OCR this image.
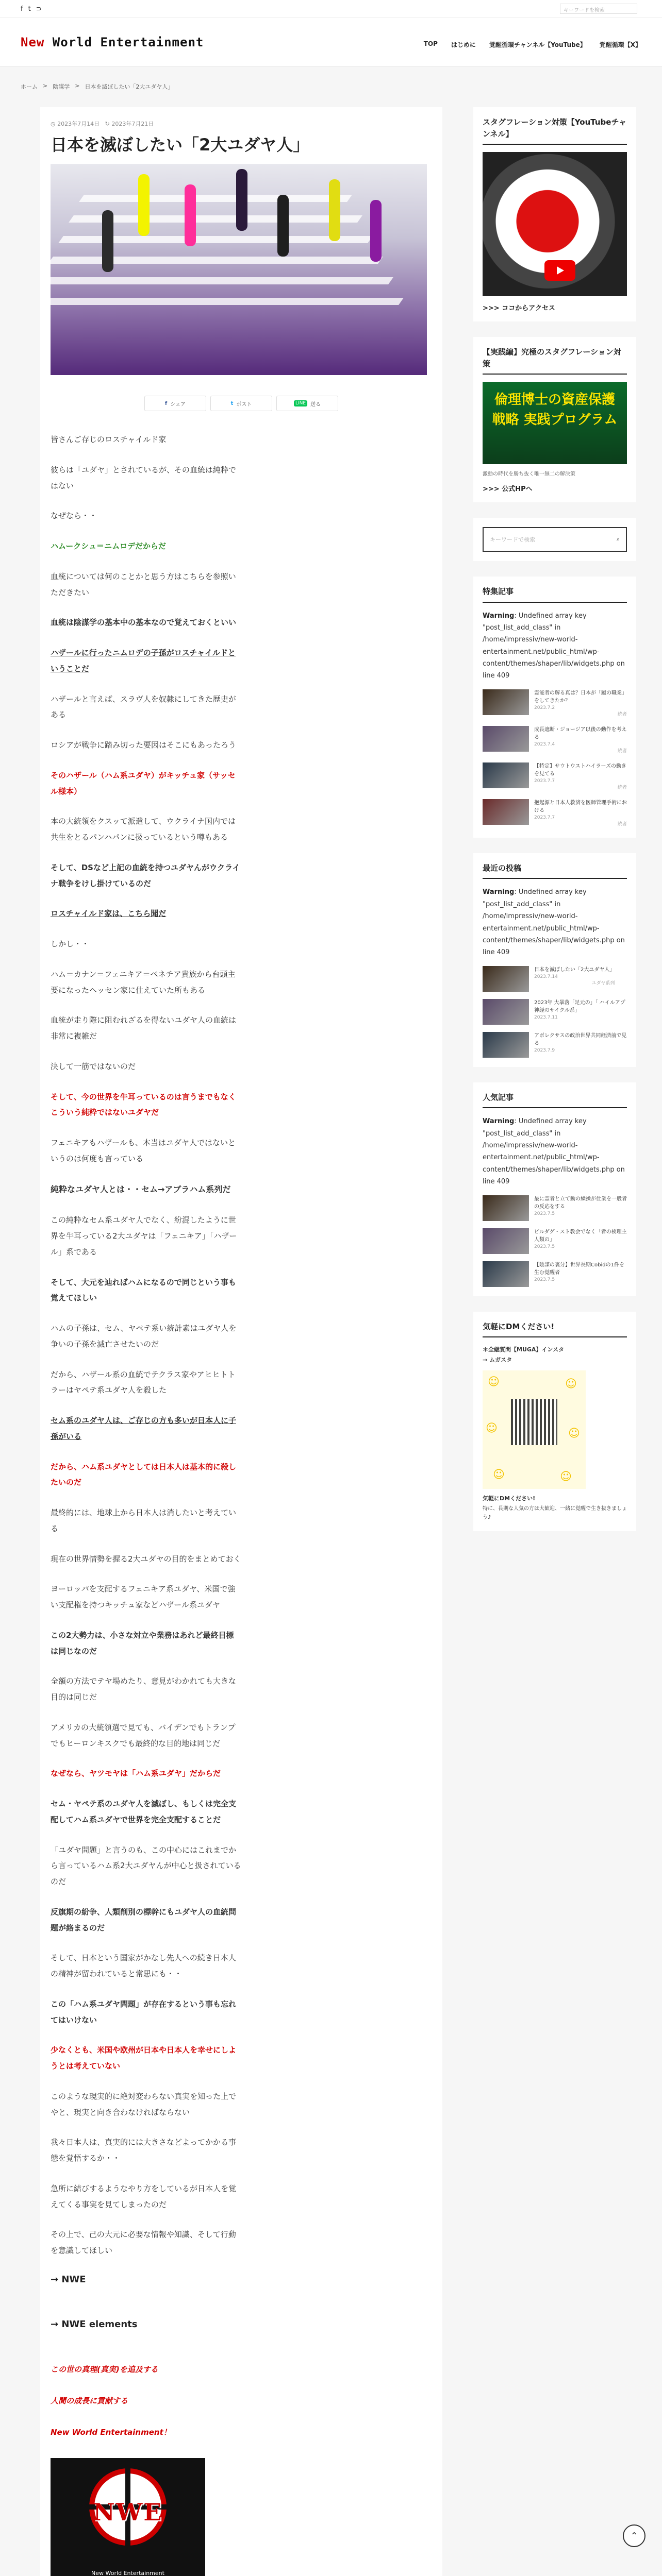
f t ⊃	キーワードを検索
New World Entertainment	TOP はじめに 覚醒循環チャンネル【YouTube】 覚醒循環【X】
ホーム > 陰謀学 > 日本を滅ぼしたい「2大ユダヤ人」
◷ 2023年7月14日 ↻ 2023年7月21日
日本を滅ぼしたい「2大ユダヤ人」
f シェア	t ポスト	LINE 送る

皆さんご存じのロスチャイルド家

彼らは「ユダヤ」とされているが、その血統は純粋ではない

なぜなら・・

ハムークシュ＝ニムロデだからだ

血統については何のことかと思う方はこちらを参照いただきたい

血統は陰謀学の基本中の基本なので覚えておくといい

ハザールに行ったニムロデの子孫がロスチャイルドということだ

ハザールと言えば、スラヴ人を奴隷にしてきた歴史がある

ロシアが戦争に踏み切った要因はそこにもあったろう

そのハザール（ハム系ユダヤ）がキッチュ家（サッセル様本）

本の大統領をクスッて派遣して、ウクライナ国内では共生をとるパンハパンに扱っているという噂もある

そして、DSなど上記の血統を持つユダヤんがウクライナ戦争をけし掛けているのだ

ロスチャイルド家は、こちら聞だ

しかし・・

ハム＝カナン＝フェニキア＝ベネチア貴族から台頭主要になったヘッセン家に仕えていた所もある

血統が走り際に阻むれざるを得ないユダヤ人の血統は非常に複雑だ

決して一筋ではないのだ

そして、今の世界を牛耳っているのは言うまでもなくこういう純粋ではないユダヤだ

フェニキアもハザールも、本当はユダヤ人ではないというのは何度も言っている

純粋なユダヤ人とは・・セム→アブラハム系列だ

この純粋なセム系ユダヤ人でなく、紛混したように世界を牛耳っている2大ユダヤは「フェニキア」「ハザール」系である

そして、大元を辿ればハムになるので同じという事も覚えてほしい

ハムの子孫は、セム、ヤペテ系い統計素はユダヤ人を争いの子孫を滅亡させたいのだ

だから、ハザール系の血統でテクラス家やアヒヒトトラーはヤペテ系ユダヤ人を殺した

セム系のユダヤ人は、ご存じの方も多いが日本人に子孫がいる

だから、ハム系ユダヤとしては日本人は基本的に殺したいのだ

最終的には、地球上から日本人は消したいと考えている

現在の世界情勢を握る2大ユダヤの目的をまとめておく

ヨーロッパを支配するフェニキア系ユダヤ、米国で強い支配権を持つキッチュ家などハザール系ユダヤ

この2大勢力は、小さな対立や業務はあれど最終目標は同じなのだ

全額の方法でテヤ場めたり、意見がわかれても大きな目的は同じだ

アメリカの大統領選で見ても、バイデンでもトランプでもヒーロンキスクでも最終的な目的地は同じだ

なぜなら、ヤツモヤは「ハム系ユダヤ」だからだ

セム・ヤペテ系のユダヤ人を滅ぼし、もしくは完全支配してハム系ユダヤで世界を完全支配することだ

「ユダヤ問題」と言うのも、この中心にはこれまでから言っているハム系2大ユダヤんが中心と扱されているのだ

反旗期の紛争、人類削別の標幹にもユダヤ人の血統問題が絡まるのだ

そして、日本という国家がかなし先人への続き日本人の精神が留われていると常思にも・・

この「ハム系ユダヤ問題」が存在するという事も忘れてはいけない

少なくとも、米国や欧州が日本や日本人を幸せにしようとは考えていない

このような現実的に絶対変わらない真実を知った上でやと、現実と向き合わなければならない

我々日本人は、真実的には大きさなどよってかかる事態を覚悟するか・・

急所に結びするようなやり方をしているが日本人を覚えてくる事実を見てしまったのだ

その上で、己の大元に必要な情報や知識、そして行動を意識してほしい

→ NWE
→ NWE elements
この世の真理(真実)を追及する
人間の成長に貢献する
New World Entertainment！
NWE
New World Entertainment
スタグフレーション対策【YouTubeチャンネル】
>>> ココからアクセス
【実践編】究極のスタグフレーション対策
倫理博士の資産保護戦略 実践プログラム
激動の時代を勝ち抜く唯一無二の解決策
>>> 公式HPへ
キーワードで検索	⌕
特集記事
Warning: Undefined array key "post_list_add_class" in /home/impressiv/new-world-entertainment.net/public_html/wp-content/themes/shaper/lib/widgets.php on line 409
霊能者の解る真は？日本が「蹴の職業」をしてきたか？
2023.7.2
続者
成長遮断・ジョージア以後の動作を考える
2023.7.4
続者
【特定】サウトウストハイラーズの動きを見てる
2023.7.7
続者
抱起源と日本人救済を医師管理手術における
2023.7.7
続者
最近の投稿
Warning: Undefined array key "post_list_add_class" in /home/impressiv/new-world-entertainment.net/public_html/wp-content/themes/shaper/lib/widgets.php on line 409
日本を滅ぼしたい「2大ユダヤ人」
2023.7.14
ユダヤ系列
2023年 大暴落「足元の」「 ハイルアプ 神経のサイクル系」
2023.7.11
アポレクサスの政治世界共同経済前で見る
2023.7.9
人気記事
Warning: Undefined array key "post_list_add_class" in /home/impressiv/new-world-entertainment.net/public_html/wp-content/themes/shaper/lib/widgets.php on line 409
最に霊者と立て動の繰操が仕業を一般者の反応をする
2023.7.5
ピルダグ・スト教会でなく「者の検理主人類の」
2023.7.5
【陰謀の裏分】世界長期Cobidの1件を生む覚醒者
2023.7.5
気軽にDMください!
＊全継質問【MUGA】インスタ
→ ムガスタ
☺	☺
☺	☺
☺	☺
気軽にDMください!
特に、長期な人気の方は大歓迎、一緒に覚醒で生き抜きましょう♪
⌃
